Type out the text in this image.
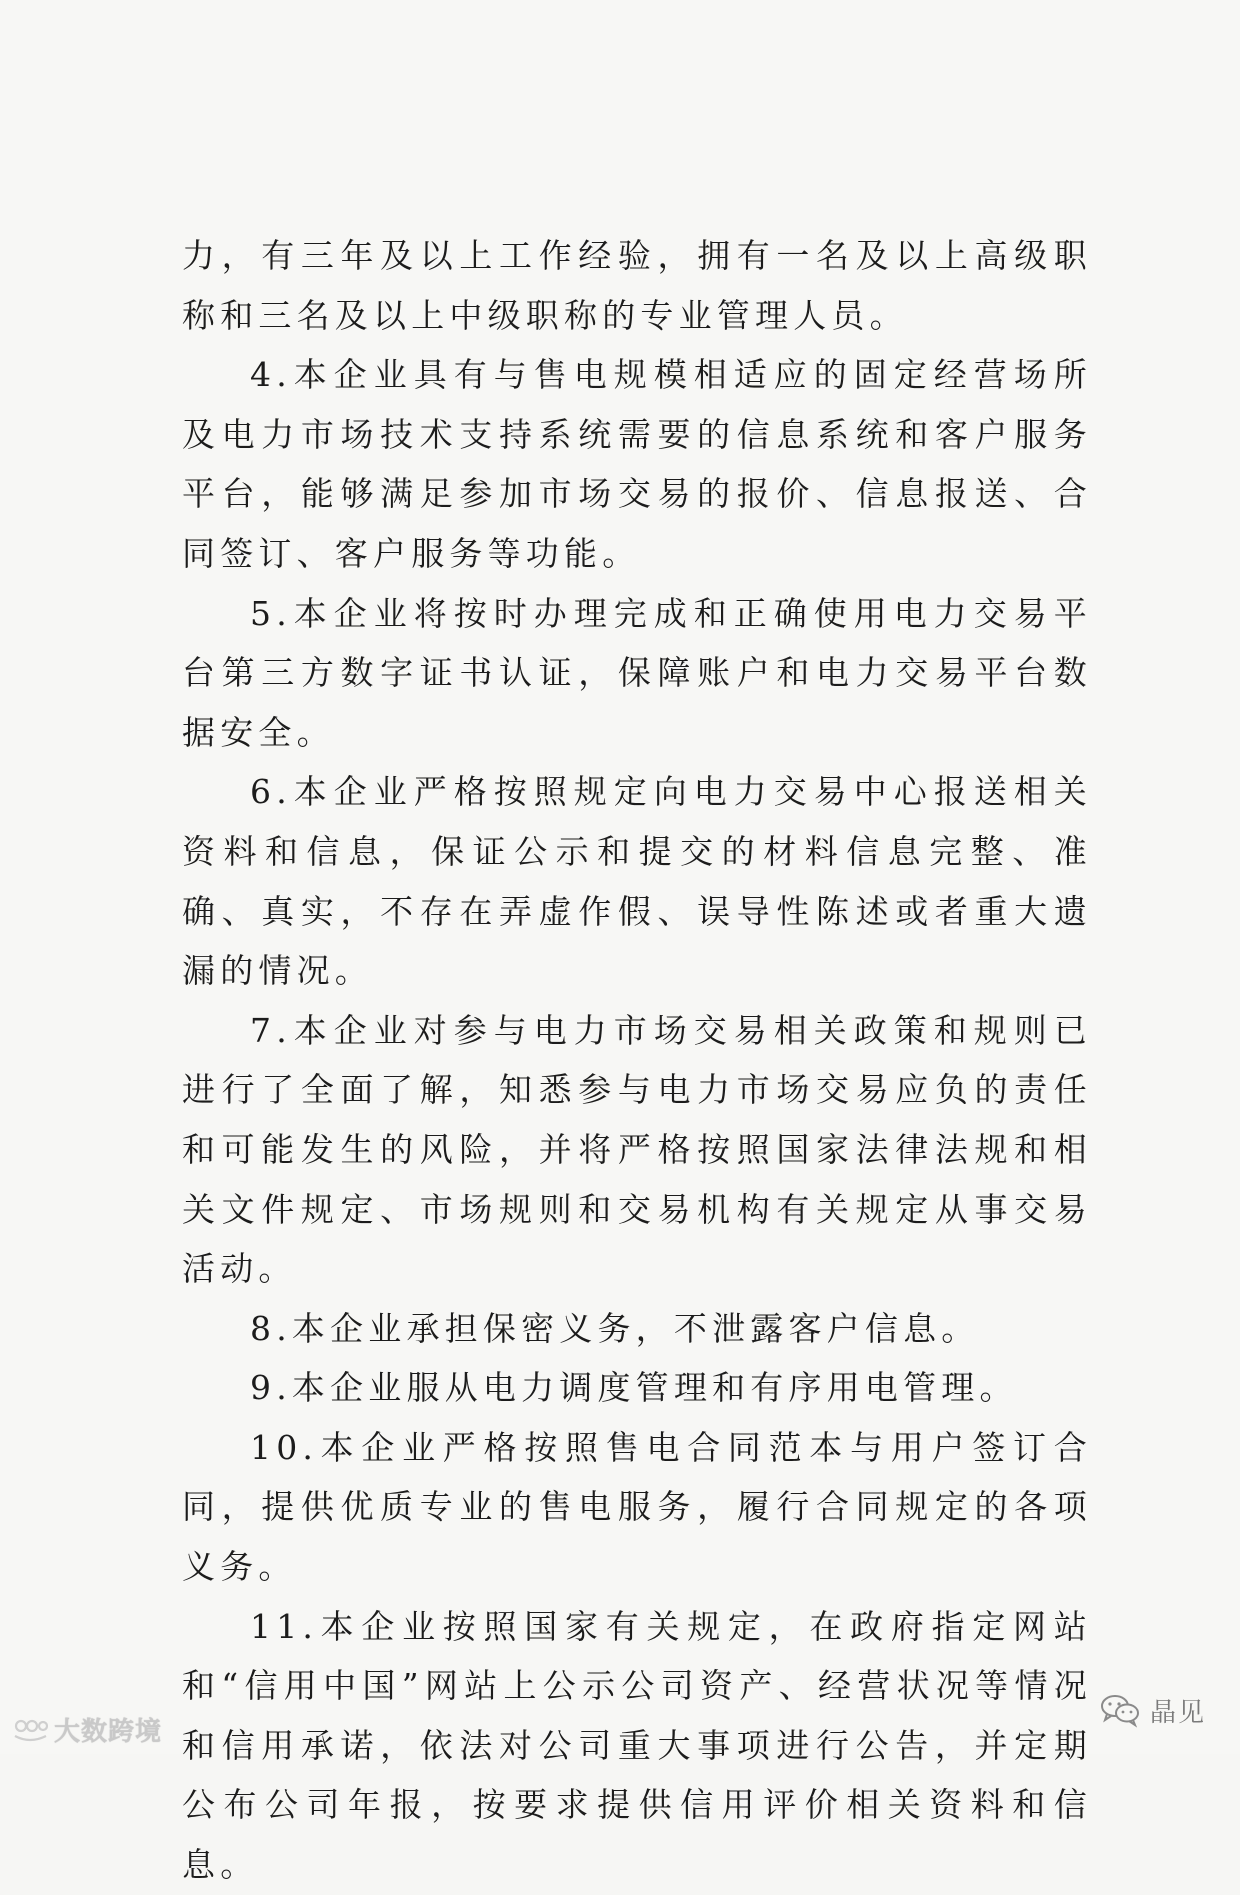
力，有三年及以上工作经验，拥有一名及以上高级职称和三名及以上中级职称的专业管理人员。

4.本企业具有与售电规模相适应的固定经营场所及电力市场技术支持系统需要的信息系统和客户服务平台，能够满足参加市场交易的报价、信息报送、合同签订、客户服务等功能。

5.本企业将按时办理完成和正确使用电力交易平台第三方数字证书认证，保障账户和电力交易平台数据安全。

6.本企业严格按照规定向电力交易中心报送相关资料和信息，保证公示和提交的材料信息完整、准确、真实，不存在弄虚作假、误导性陈述或者重大遗漏的情况。

7.本企业对参与电力市场交易相关政策和规则已进行了全面了解，知悉参与电力市场交易应负的责任和可能发生的风险，并将严格按照国家法律法规和相关文件规定、市场规则和交易机构有关规定从事交易活动。

8.本企业承担保密义务，不泄露客户信息。

9.本企业服从电力调度管理和有序用电管理。

10.本企业严格按照售电合同范本与用户签订合同，提供优质专业的售电服务，履行合同规定的各项义务。

11.本企业按照国家有关规定，在政府指定网站和“信用中国”网站上公示公司资产、经营状况等情况和信用承诺，依法对公司重大事项进行公告，并定期公布公司年报，按要求提供信用评价相关资料和信息。

大数跨境
晶见
